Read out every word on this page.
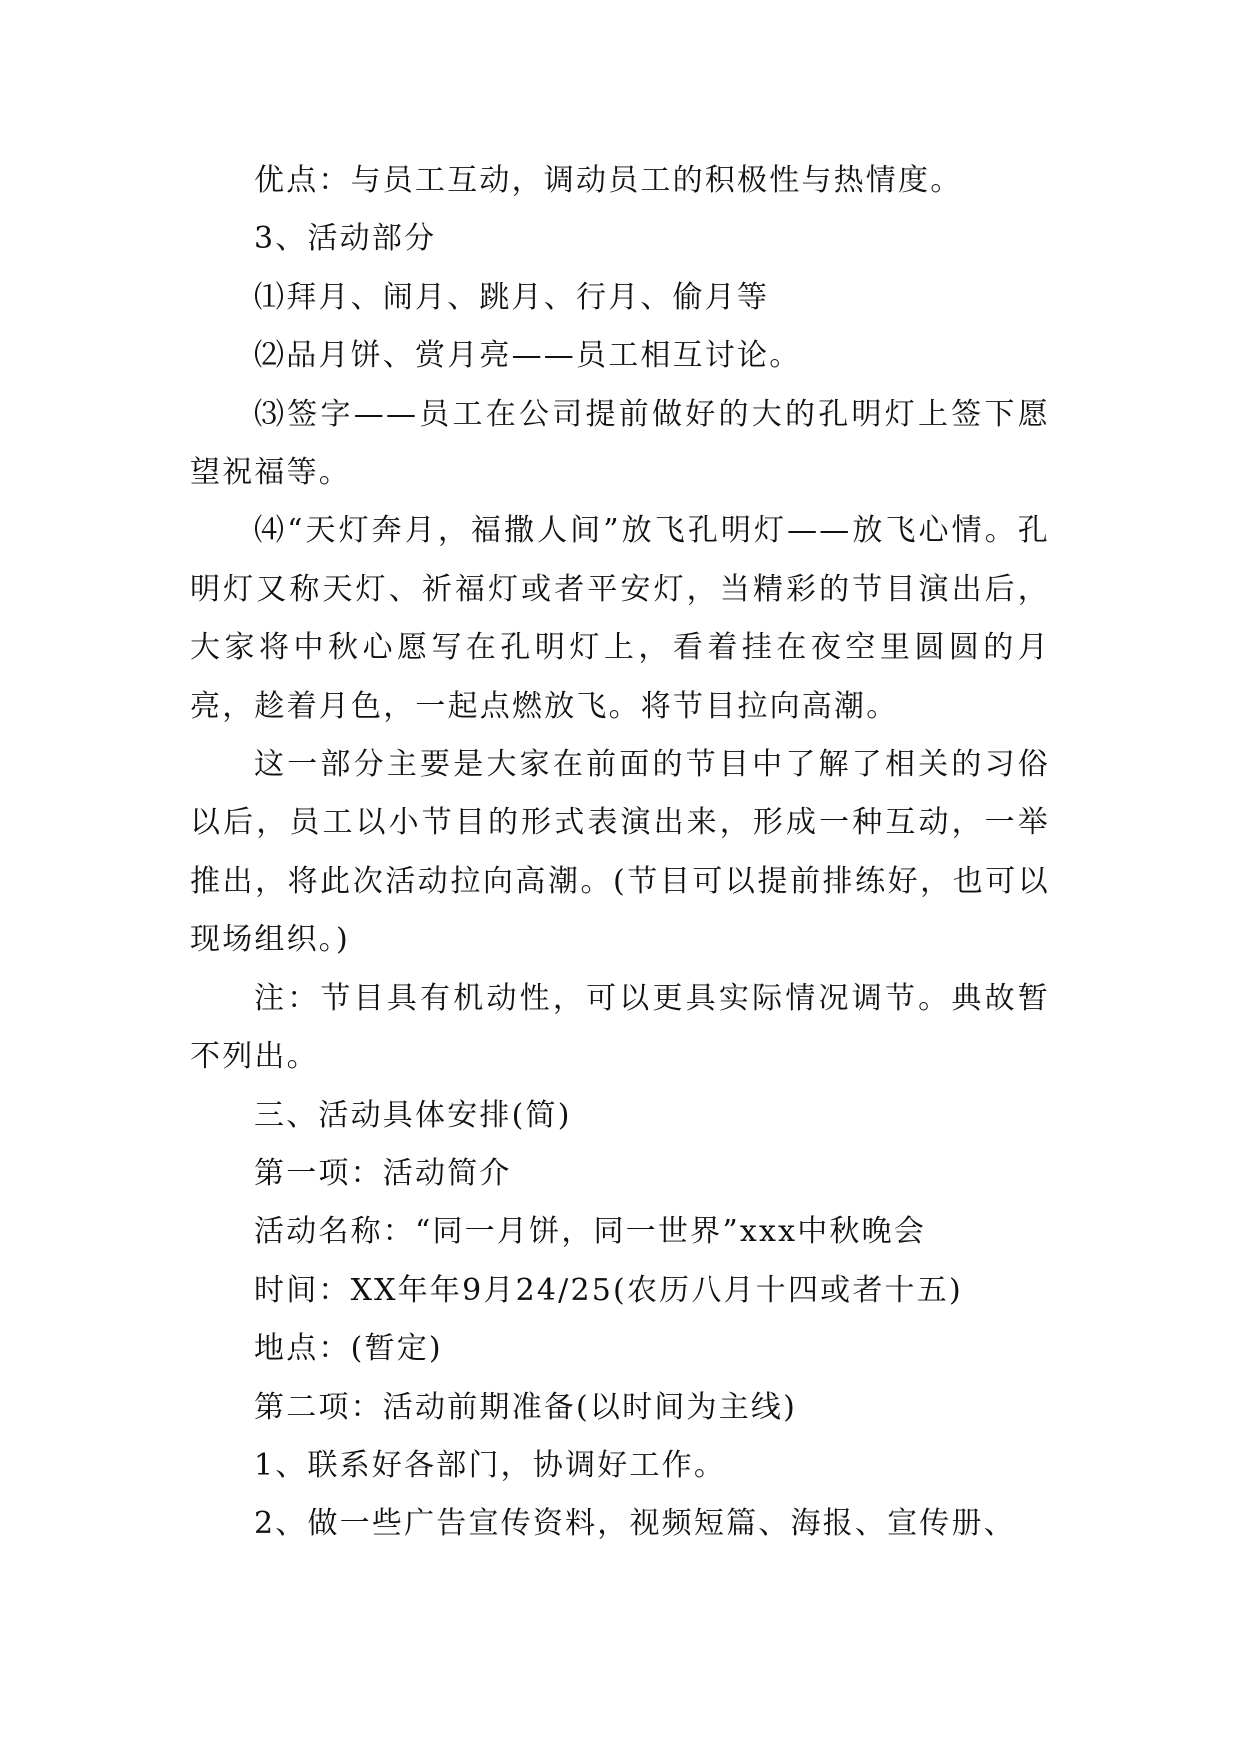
优点：与员工互动，调动员工的积极性与热情度。

3、活动部分

⑴拜月、闹月、跳月、行月、偷月等

⑵品月饼、赏月亮——员工相互讨论。

⑶签字——员工在公司提前做好的大的孔明灯上签下愿望祝福等。

⑷“天灯奔月，福撒人间”放飞孔明灯——放飞心情。孔明灯又称天灯、祈福灯或者平安灯，当精彩的节目演出后，大家将中秋心愿写在孔明灯上，看着挂在夜空里圆圆的月亮，趁着月色，一起点燃放飞。将节目拉向高潮。

这一部分主要是大家在前面的节目中了解了相关的习俗以后，员工以小节目的形式表演出来，形成一种互动，一举推出，将此次活动拉向高潮。(节目可以提前排练好，也可以现场组织。)

注：节目具有机动性，可以更具实际情况调节。典故暂不列出。

三、活动具体安排(简)

第一项：活动简介

活动名称：“同一月饼，同一世界”xxx中秋晚会

时间：XX年年9月24/25(农历八月十四或者十五)

地点：(暂定)

第二项：活动前期准备(以时间为主线)

1、联系好各部门，协调好工作。

2、做一些广告宣传资料，视频短篇、海报、宣传册、
